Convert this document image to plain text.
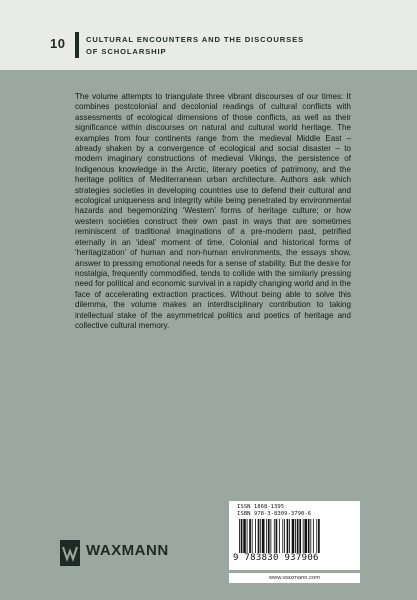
10	CULTURAL ENCOUNTERS AND THE DISCOURSES OF SCHOLARSHIP

The volume attempts to triangulate three vibrant discourses of our times: It combines postcolonial and decolonial readings of cultural conflicts with assessments of ecological dimensions of those conflicts, as well as their significance within discourses on natural and cultural world heritage. The examples from four continents range from the medieval Middle East – already shaken by a convergence of ecological and social disaster – to modern imaginary constructions of medieval Vikings, the persistence of Indigenous knowledge in the Arctic, literary poetics of patrimony, and the heritage politics of Mediterranean urban architecture. Authors ask which strategies societies in developing countries use to defend their cultural and ecological uniqueness and integrity while being penetrated by environmental hazards and hegemonizing ‘Western’ forms of heritage culture; or how western societies construct their own past in ways that are sometimes reminiscent of traditional imaginations of a pre-modern past, petrified eternally in an ‘ideal’ moment of time. Colonial and historical forms of ‘heritagization’ of human and non-human environments, the essays show, answer to pressing emotional needs for a sense of stability. But the desire for nostalgia, frequently commodified, tends to collide with the similarly pressing need for political and economic survival in a rapidly changing world and in the face of accelerating extraction practices. Without being able to solve this dilemma, the volume makes an interdisciplinary contribution to taking intellectual stake of the asymmetrical politics and poetics of heritage and collective cultural memory.

WAXMANN
ISSN 1868-1395
ISBN 978-3-8309-3790-6
9 783830 937906
www.waxmann.com
